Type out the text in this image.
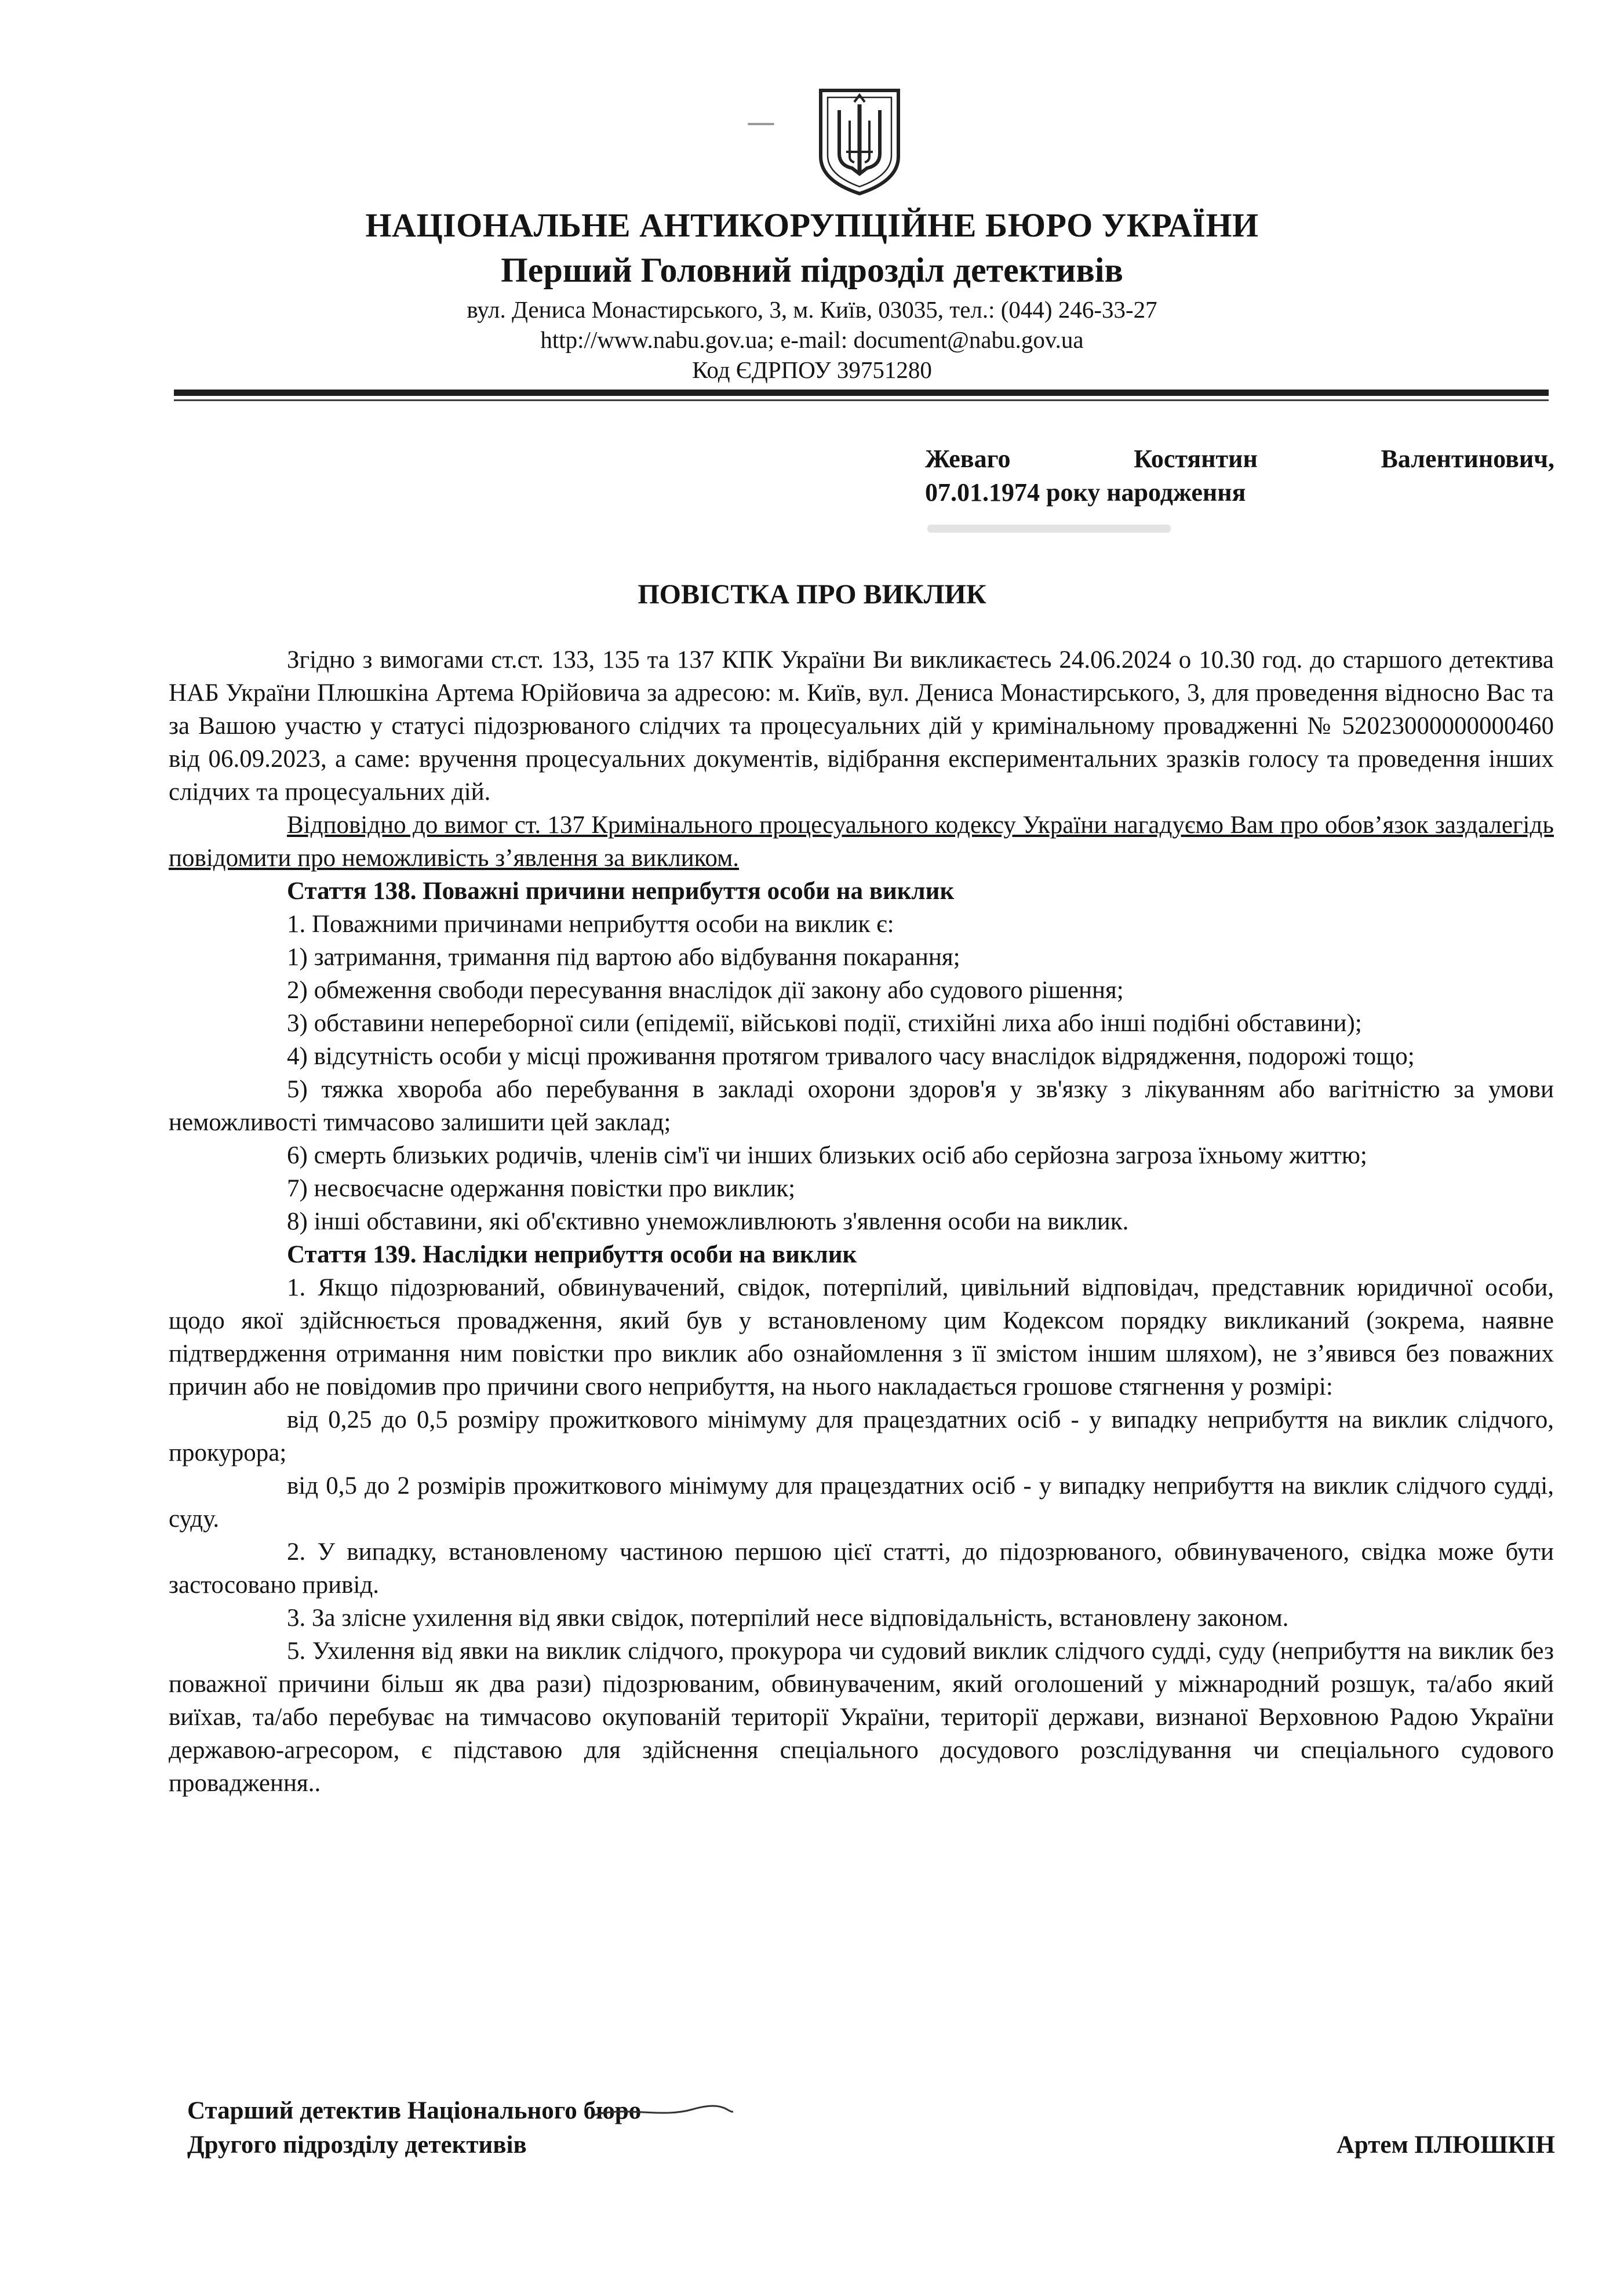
НАЦІОНАЛЬНЕ АНТИКОРУПЦІЙНЕ БЮРО УКРАЇНИ
Перший Головний підрозділ детективів
вул. Дениса Монастирського, 3, м. Київ, 03035, тел.: (044) 246-33-27
http://www.nabu.gov.ua; e-mail: document@nabu.gov.ua
Код ЄДРПОУ 39751280
Жеваго	Костянтин	Валентинович,
07.01.1974 року народження
ПОВІСТКА ПРО ВИКЛИК

Згідно з вимогами ст.ст. 133, 135 та 137 КПК України Ви викликаєтесь 24.06.2024 о 10.30 год. до старшого детектива НАБ України Плюшкіна Артема Юрійовича за адресою: м. Київ, вул. Дениса Монастирського, 3, для проведення відносно Вас та за Вашою участю у статусі підозрюваного слідчих та процесуальних дій у кримінальному провадженні № 52023000000000460 від 06.09.2023, а саме: вручення процесуальних документів, відібрання експериментальних зразків голосу та проведення інших слідчих та процесуальних дій.

Відповідно до вимог ст. 137 Кримінального процесуального кодексу України нагадуємо Вам про обов’язок заздалегідь повідомити про неможливість з’явлення за викликом.

Стаття 138. Поважні причини неприбуття особи на виклик

1. Поважними причинами неприбуття особи на виклик є:

1) затримання, тримання під вартою або відбування покарання;

2) обмеження свободи пересування внаслідок дії закону або судового рішення;

3) обставини непереборної сили (епідемії, військові події, стихійні лиха або інші подібні обставини);

4) відсутність особи у місці проживання протягом тривалого часу внаслідок відрядження, подорожі тощо;

5) тяжка хвороба або перебування в закладі охорони здоров'я у зв'язку з лікуванням або вагітністю за умови неможливості тимчасово залишити цей заклад;

6) смерть близьких родичів, членів сім'ї чи інших близьких осіб або серйозна загроза їхньому життю;

7) несвоєчасне одержання повістки про виклик;

8) інші обставини, які об'єктивно унеможливлюють з'явлення особи на виклик.

Стаття 139. Наслідки неприбуття особи на виклик

1. Якщо підозрюваний, обвинувачений, свідок, потерпілий, цивільний відповідач, представник юридичної особи, щодо якої здійснюється провадження, який був у встановленому цим Кодексом порядку викликаний (зокрема, наявне підтвердження отримання ним повістки про виклик або ознайомлення з її змістом іншим шляхом), не з’явився без поважних причин або не повідомив про причини свого неприбуття, на нього накладається грошове стягнення у розмірі:

від 0,25 до 0,5 розміру прожиткового мінімуму для працездатних осіб - у випадку неприбуття на виклик слідчого, прокурора;

від 0,5 до 2 розмірів прожиткового мінімуму для працездатних осіб - у випадку неприбуття на виклик слідчого судді, суду.

2. У випадку, встановленому частиною першою цієї статті, до підозрюваного, обвинуваченого, свідка може бути застосовано привід.

3. За злісне ухилення від явки свідок, потерпілий несе відповідальність, встановлену законом.

5. Ухилення від явки на виклик слідчого, прокурора чи судовий виклик слідчого судді, суду (неприбуття на виклик без поважної причини більш як два рази) підозрюваним, обвинуваченим, який оголошений у міжнародний розшук, та/або який виїхав, та/або перебуває на тимчасово окупованій території України, території держави, визнаної Верховною Радою України державою-агресором, є підставою для здійснення спеціального досудового розслідування чи спеціального судового провадження..

Старший детектив Національного бюро
Другого підрозділу детективів	Артем ПЛЮШКІН
